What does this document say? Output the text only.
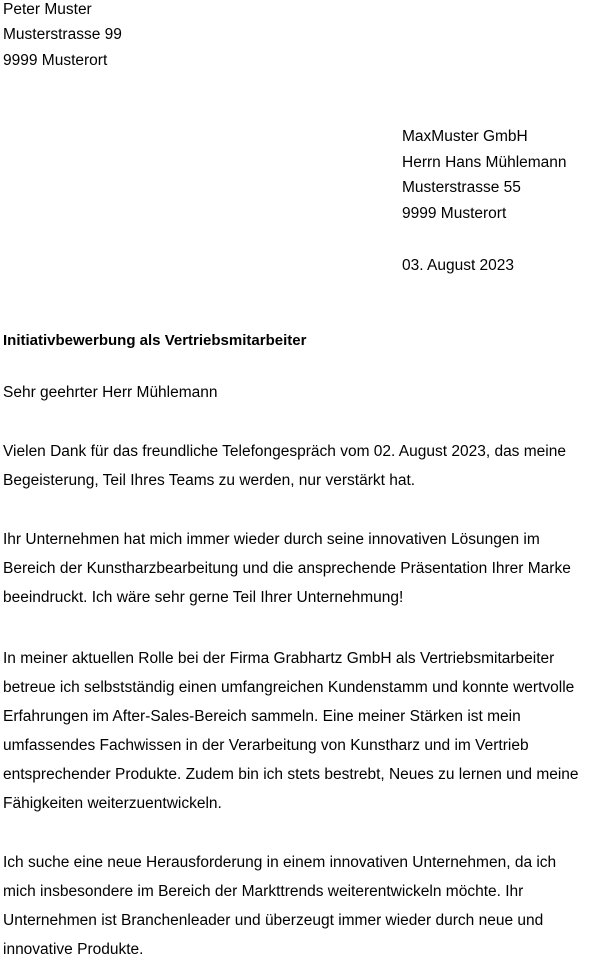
Peter Muster
Musterstrasse 99
9999 Musterort
MaxMuster GmbH
Herrn Hans Mühlemann
Musterstrasse 55
9999 Musterort
03. August 2023
Initiativbewerbung als Vertriebsmitarbeiter
Sehr geehrter Herr Mühlemann
Vielen Dank für das freundliche Telefongespräch vom 02. August 2023, das meine
Begeisterung, Teil Ihres Teams zu werden, nur verstärkt hat.
Ihr Unternehmen hat mich immer wieder durch seine innovativen Lösungen im
Bereich der Kunstharzbearbeitung und die ansprechende Präsentation Ihrer Marke
beeindruckt. Ich wäre sehr gerne Teil Ihrer Unternehmung!
In meiner aktuellen Rolle bei der Firma Grabhartz GmbH als Vertriebsmitarbeiter
betreue ich selbstständig einen umfangreichen Kundenstamm und konnte wertvolle
Erfahrungen im After-Sales-Bereich sammeln. Eine meiner Stärken ist mein
umfassendes Fachwissen in der Verarbeitung von Kunstharz und im Vertrieb
entsprechender Produkte. Zudem bin ich stets bestrebt, Neues zu lernen und meine
Fähigkeiten weiterzuentwickeln.
Ich suche eine neue Herausforderung in einem innovativen Unternehmen, da ich
mich insbesondere im Bereich der Markttrends weiterentwickeln möchte. Ihr
Unternehmen ist Branchenleader und überzeugt immer wieder durch neue und
innovative Produkte.
